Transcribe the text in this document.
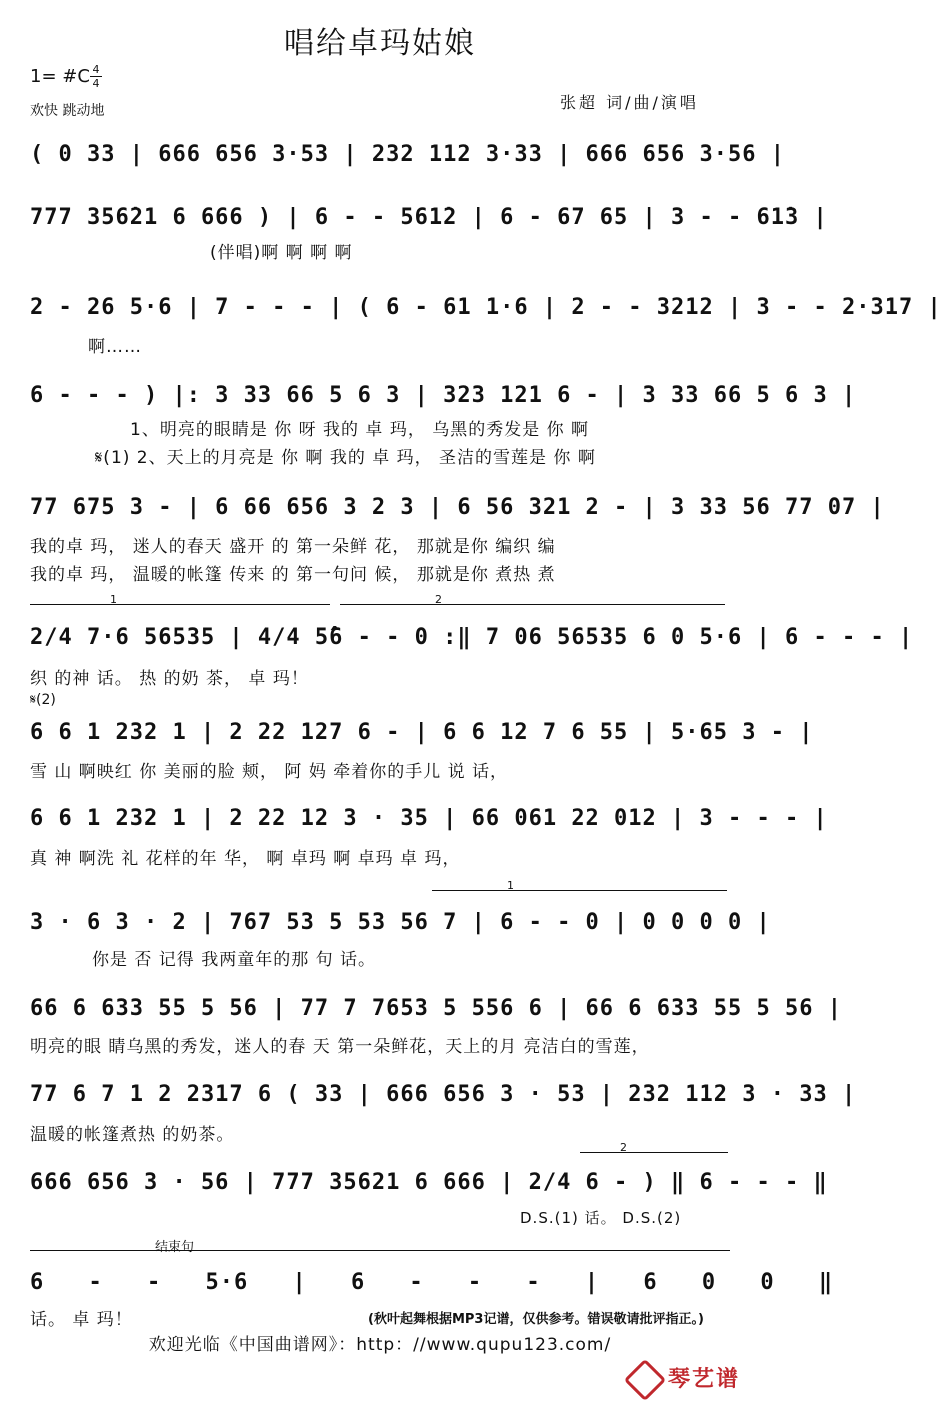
唱给卓玛姑娘
1= #C 4
4
欢快 跳动地	张超 词/曲/演唱
( 0 33 | 666 656 3·53 | 232 112 3·33 | 666 656 3·56 |
777 356̇21 6 666 ) | 6 - - 561̇2 | 6 - 67 65 | 3 - - 61̇3 |
(伴唱)啊 啊 啊 啊
2 - 26 5·6 | 7 - - - | ( 6 - 61 1·6 | 2 - - 3212 | 3 - - 2·317 |
啊……
6 - - - ) |: 3 33 66 5 6 3 | 323 121 6 - | 3 33 66 5 6 3 |
1、明亮的眼睛是 你 呀 我的 卓 玛， 乌黑的秀发是 你 啊
𝄋(1) 2、天上的月亮是 你 啊 我的 卓 玛， 圣洁的雪莲是 你 啊
77 675 3 - | 6 66 656 3 2 3 | 6 56 321 2 - | 3 33 56 77 07 |
我的卓 玛， 迷人的春天 盛开 的 第一朵鲜 花， 那就是你 编织 编
我的卓 玛， 温暖的帐篷 传来 的 第一句问 候， 那就是你 煮热 煮
1	2
2/4 7·6 56535 | 4/4 5̂6 - - 0 :‖ 7 06 56535 6 0 5·6 | 6 - - - |
织 的神 话。 热 的奶 茶， 卓 玛！
𝄋(2)
6 6 1 232 1 | 2 22 127 6 - | 6 6 12 7 6 55 | 5·65 3 - |
雪 山 啊映红 你 美丽的脸 颊， 阿 妈 牵着你的手儿 说 话，
6 6 1 232 1 | 2 22 12 3 · 35 | 66 061 22 012 | 3 - - - |
真 神 啊洗 礼 花样的年 华， 啊 卓玛 啊 卓玛 卓 玛，
1
3 · 6 3 · 2 | 767 53 5 53 56 7 | 6 - - 0 | 0 0 0 0 |
你是 否 记得 我两童年的那 句 话。
66 6 633 55 5 56 | 77 7 7653 5 556 6 | 66 6 633 55 5 56 |
明亮的眼 睛乌黑的秀发，迷人的春 天 第一朵鲜花，天上的月 亮洁白的雪莲，
77 6 7 1 2 2317 6 ( 33 | 666 656 3 · 53 | 232 112 3 · 33 |
温暖的帐篷煮热 的奶茶。
2
666 656 3 · 56 | 777 35621 6 666 | 2/4 6 - ) ‖ 6 - - - ‖
D.S.(1) 话。 D.S.(2)
结束句
6 - - 5·6 | 6 - - - | 6 0 0 ‖
话。 卓 玛！	(秋叶起舞根据MP3记谱，仅供参考。错误敬请批评指正。)
欢迎光临《中国曲谱网》：http：//www.qupu123.com/
琴艺谱
